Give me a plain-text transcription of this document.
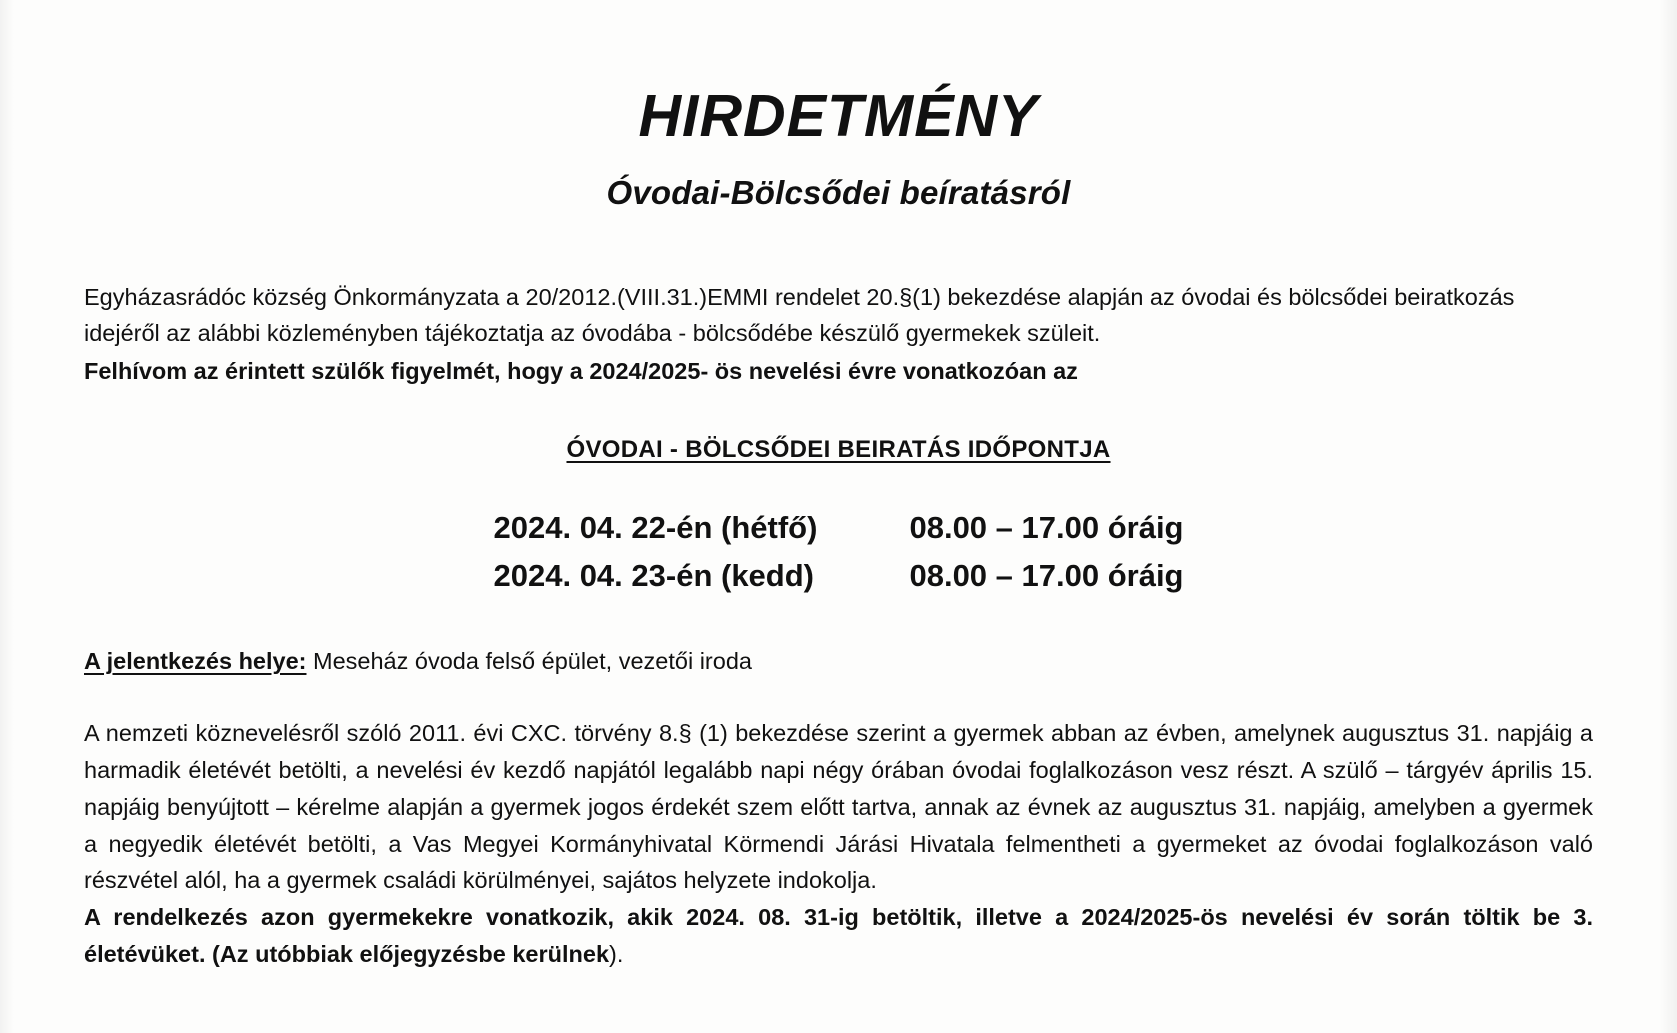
HIRDETMÉNY
Óvodai-Bölcsődei beíratásról

Egyházasrádóc község Önkormányzata a 20/2012.(VIII.31.)EMMI rendelet 20.§(1) bekezdése alapján az óvodai és bölcsődei beiratkozás idejéről az alábbi közleményben tájékoztatja az óvodába - bölcsődébe készülő gyermekek szüleit.

Felhívom az érintett szülők figyelmét, hogy a 2024/2025- ös nevelési évre vonatkozóan az

ÓVODAI - BÖLCSŐDEI BEIRATÁS IDŐPONTJA
2024. 04. 22-én (hétfő)	08.00 – 17.00 óráig
2024. 04. 23-én (kedd)	08.00 – 17.00 óráig
A jelentkezés helye: Meseház óvoda felső épület, vezetői iroda

A nemzeti köznevelésről szóló 2011. évi CXC. törvény 8.§ (1) bekezdése szerint a gyermek abban az évben, amelynek augusztus 31. napjáig a harmadik életévét betölti, a nevelési év kezdő napjától legalább napi négy órában óvodai foglalkozáson vesz részt. A szülő – tárgyév április 15. napjáig benyújtott – kérelme alapján a gyermek jogos érdekét szem előtt tartva, annak az évnek az augusztus 31. napjáig, amelyben a gyermek a negyedik életévét betölti, a Vas Megyei Kormányhivatal Körmendi Járási Hivatala felmentheti a gyermeket az óvodai foglalkozáson való részvétel alól, ha a gyermek családi körülményei, sajátos helyzete indokolja.

A rendelkezés azon gyermekekre vonatkozik, akik 2024. 08. 31-ig betöltik, illetve a 2024/2025-ös nevelési év során töltik be 3. életévüket. (Az utóbbiak előjegyzésbe kerülnek).
